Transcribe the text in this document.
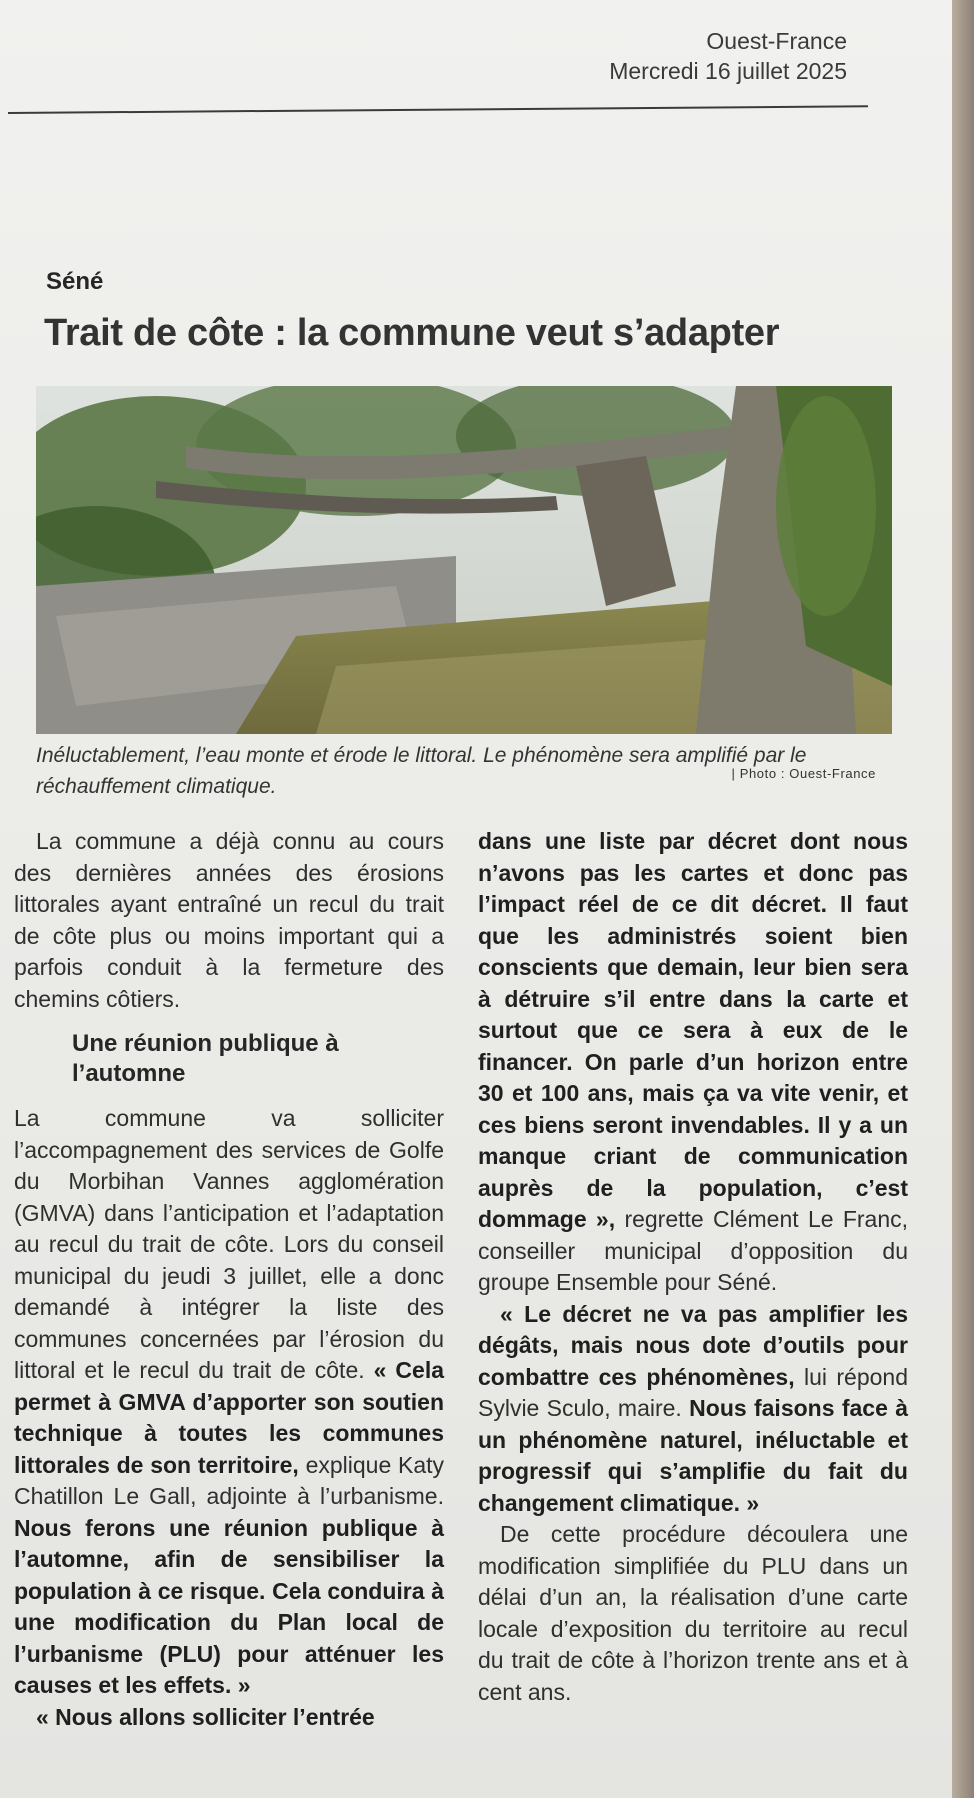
Ouest-France
Mercredi 16 juillet 2025
Séné
Trait de côte : la commune veut s’adapter
Inéluctablement, l’eau monte et érode le littoral. Le phénomène sera amplifié par le réchauffement climatique.
| Photo : Ouest-France

La commune a déjà connu au cours des dernières années des érosions littorales ayant entraîné un recul du trait de côte plus ou moins important qui a parfois conduit à la fermeture des chemins côtiers.

Une réunion publique à l’automne

La commune va solliciter l’accompagnement des services de Golfe du Morbihan Vannes agglomération (GMVA) dans l’anticipation et l’adaptation au recul du trait de côte. Lors du conseil municipal du jeudi 3 juillet, elle a donc demandé à intégrer la liste des communes concernées par l’érosion du littoral et le recul du trait de côte. « Cela permet à GMVA d’apporter son soutien technique à toutes les communes littorales de son territoire, explique Katy Chatillon Le Gall, adjointe à l’urbanisme. Nous ferons une réunion publique à l’automne, afin de sensibiliser la population à ce risque. Cela conduira à une modification du Plan local de l’urbanisme (PLU) pour atténuer les causes et les effets. »

« Nous allons solliciter l’entrée

dans une liste par décret dont nous n’avons pas les cartes et donc pas l’impact réel de ce dit décret. Il faut que les administrés soient bien conscients que demain, leur bien sera à détruire s’il entre dans la carte et surtout que ce sera à eux de le financer. On parle d’un horizon entre 30 et 100 ans, mais ça va vite venir, et ces biens seront invendables. Il y a un manque criant de communication auprès de la population, c’est dommage », regrette Clément Le Franc, conseiller municipal d’opposition du groupe Ensemble pour Séné.

« Le décret ne va pas amplifier les dégâts, mais nous dote d’outils pour combattre ces phénomènes, lui répond Sylvie Sculo, maire. Nous faisons face à un phénomène naturel, inéluctable et progressif qui s’amplifie du fait du changement climatique. »

De cette procédure découlera une modification simplifiée du PLU dans un délai d’un an, la réalisation d’une carte locale d’exposition du territoire au recul du trait de côte à l’horizon trente ans et à cent ans.
